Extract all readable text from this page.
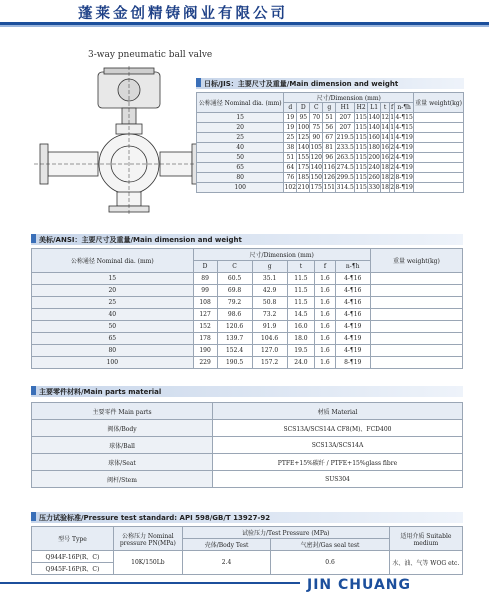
蓬莱金创精铸阀业有限公司
3-way pneumatic ball valve
日标/JIS：主要尺寸及重量/Main dimension and weight
公称通径 Nominal dia. (mm)	尺寸/Dimension (mm)										重量 weight(kg)
	d	D	C	g	H1	H2	L1	t	f	n-¶h	
15	19	95	70	51	207	115	140	12	1	4-¶15	
20	19	100	75	56	207	115	140	14	1	4-¶15	
25	25	125	90	67	219.5	115	160	14	1	4-¶19	
40	38	140	105	81	233.5	115	180	16	2	4-¶19	
50	51	155	120	96	263.5	115	200	16	2	4-¶19	
65	64	175	140	116	274.5	115	240	18	2	4-¶19	
80	76	185	150	126	299.5	115	260	18	2	8-¶19	
100	102	210	175	151	314.5	115	330	18	2	8-¶19	
美标/ANSI：主要尺寸及重量/Main dimension and weight
公称通径 Nominal dia. (mm)	尺寸/Dimension (mm)						重量 weight(kg)
	D	C	g	t	f	n-¶h	
15	89	60.5	35.1	11.5	1.6	4-¶16	
20	99	69.8	42.9	11.5	1.6	4-¶16	
25	108	79.2	50.8	11.5	1.6	4-¶16	
40	127	98.6	73.2	14.5	1.6	4-¶16	
50	152	120.6	91.9	16.0	1.6	4-¶19	
65	178	139.7	104.6	18.0	1.6	4-¶19	
80	190	152.4	127.0	19.5	1.6	4-¶19	
100	229	190.5	157.2	24.0	1.6	8-¶19	
主要零件材料/Main parts material
主要零件 Main parts	材质 Material
阀体/Body	SCS13A/SCS14A CF8(M)、FCD400
球体/Ball	SCS13A/SCS14A
球体/Seat	PTFE+15%碳纤 / PTFE+15%glass fibre
阀杆/Stem	SUS304
压力试验标准/Pressure test standard: API 598/GB/T 13927-92
型号 Type	公称压力 Nominal pressure PN(MPa)	试验压力/Test Pressure (MPa)		适用介质 Suitable medium
		壳体/Body Test	气密封/Gas seal test	
Q944F-16P(R、C)	10K/150Lb	2.4	0.6	水、油、气等 WOG etc.
Q945F-16P(R、C)				
JIN CHUANG
